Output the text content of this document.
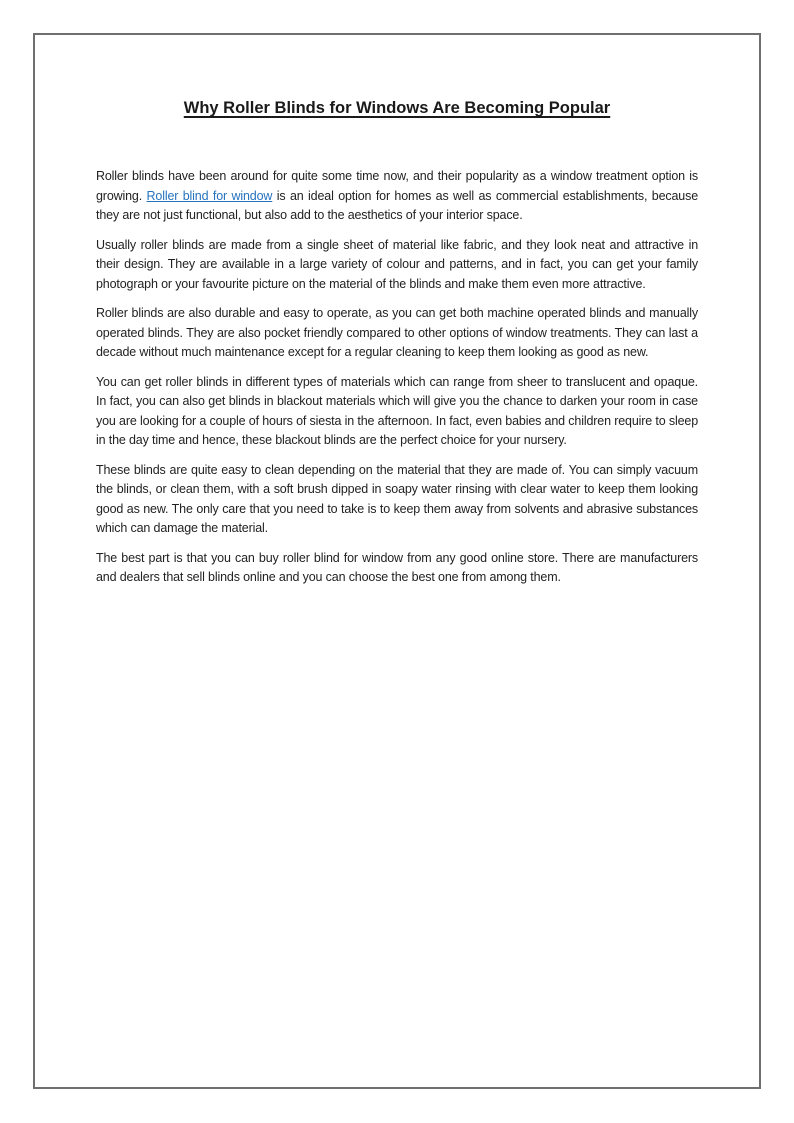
Why Roller Blinds for Windows Are Becoming Popular

Roller blinds have been around for quite some time now, and their popularity as a window treatment option is growing. Roller blind for window is an ideal option for homes as well as commercial establishments, because they are not just functional, but also add to the aesthetics of your interior space.

Usually roller blinds are made from a single sheet of material like fabric, and they look neat and attractive in their design. They are available in a large variety of colour and patterns, and in fact, you can get your family photograph or your favourite picture on the material of the blinds and make them even more attractive.

Roller blinds are also durable and easy to operate, as you can get both machine operated blinds and manually operated blinds. They are also pocket friendly compared to other options of window treatments. They can last a decade without much maintenance except for a regular cleaning to keep them looking as good as new.

You can get roller blinds in different types of materials which can range from sheer to translucent and opaque. In fact, you can also get blinds in blackout materials which will give you the chance to darken your room in case you are looking for a couple of hours of siesta in the afternoon. In fact, even babies and children require to sleep in the day time and hence, these blackout blinds are the perfect choice for your nursery.

These blinds are quite easy to clean depending on the material that they are made of. You can simply vacuum the blinds, or clean them, with a soft brush dipped in soapy water rinsing with clear water to keep them looking good as new. The only care that you need to take is to keep them away from solvents and abrasive substances which can damage the material.

The best part is that you can buy roller blind for window from any good online store. There are manufacturers and dealers that sell blinds online and you can choose the best one from among them.
